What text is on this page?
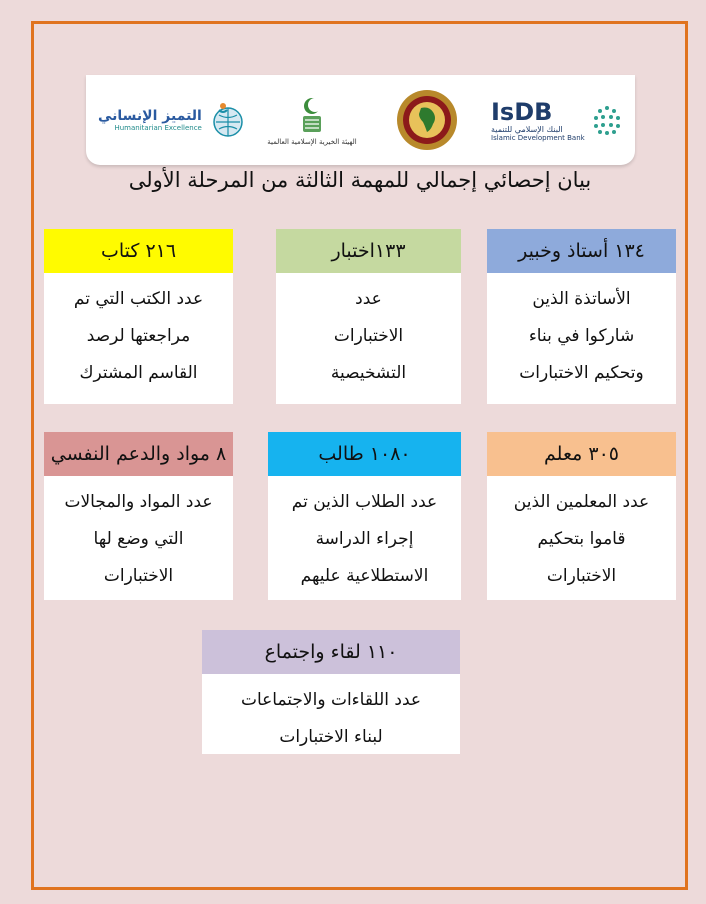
التميز الإنساني
Humanitarian Excellence
الهيئة الخيرية الإسلامية العالمية
IsDB
البنك الإسلامي للتنمية
Islamic Development Bank
بيان إحصائي إجمالي للمهمة الثالثة من المرحلة الأولى
١٣٤ أستاذ وخبير
الأساتذة الذين
شاركوا في بناء
وتحكيم الاختبارات
١٣٣اختبار
عدد
الاختبارات
التشخيصية
٢١٦ كتاب
عدد الكتب التي تم
مراجعتها لرصد
القاسم المشترك
٣٠٥ معلم
عدد المعلمين الذين
قاموا بتحكيم
الاختبارات
١٠٨٠ طالب
عدد الطلاب الذين تم
إجراء الدراسة
الاستطلاعية عليهم
٨ مواد والدعم النفسي
عدد المواد والمجالات
التي وضع لها
الاختبارات
١١٠ لقاء واجتماع
عدد اللقاءات والاجتماعات
لبناء الاختبارات
